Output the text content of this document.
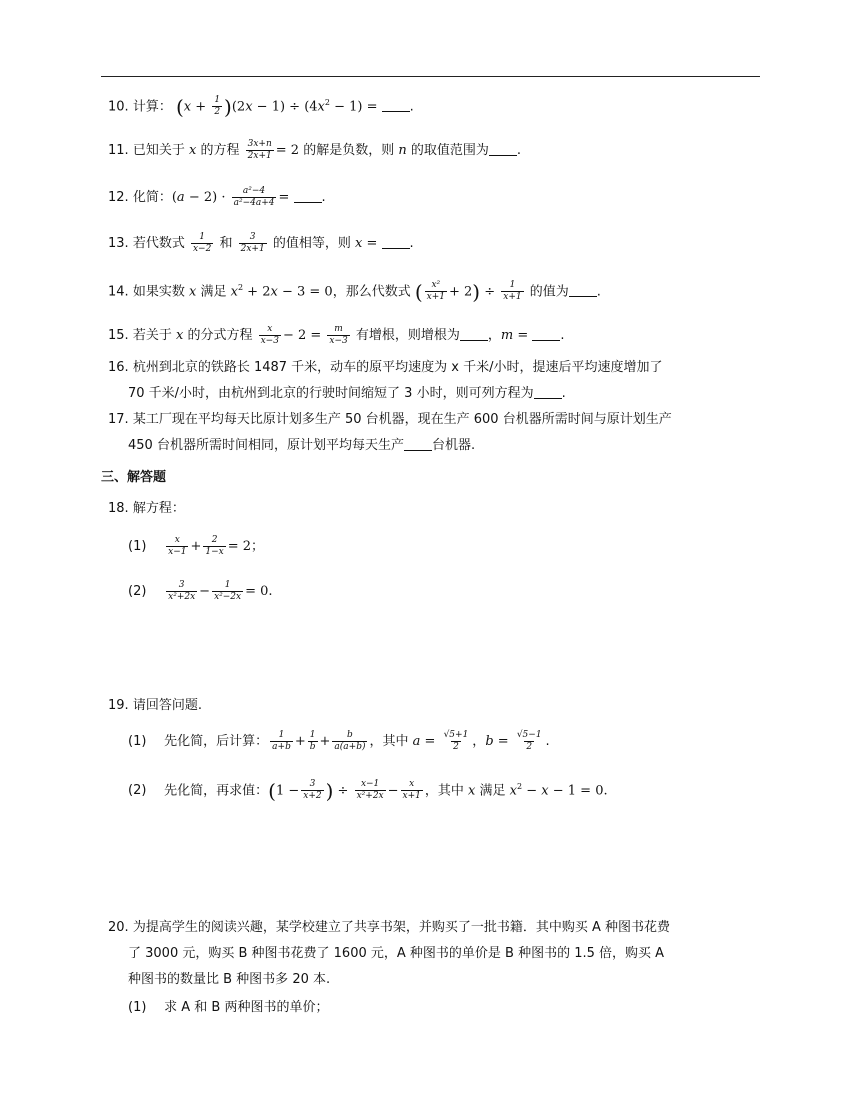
10. 计算： $(x + \frac{1}{2} )(2x - 1) \div (4x^2 - 1)$ = .
11. 已知关于 x 的方程 $\frac{3x+n}{2x+1} = 2$ 的解是负数，则 n 的取值范围为 .
12. 化简：$(a - 2) \cdot \frac{\text{a²−4}}{\text{a²−4a+4}}$ = .
13. 若代数式 $\frac{1}{x-2}$ 和 $\frac{3}{2x+1}$ 的值相等，则 x = .
14. 如果实数 x 满足 $x^2 + 2x - 3 = 0$，那么代数式 ( $\frac{\text{x²}}{x+1} + 2) \div \frac{1}{x+1}$ 的值为 .
15. 若关于 x 的分式方程 $\frac{x}{x-3} - 2 = \frac{m}{x-3}$ 有增根，则增根为 ，m = .
16. 杭州到北京的铁路长 1487 千米，动车的原平均速度为 x 千米/小时，提速后平均速度增加了
70 千米/小时，由杭州到北京的行驶时间缩短了 3 小时，则可列方程为 .
17. 某工厂现在平均每天比原计划多生产 50 台机器，现在生产 600 台机器所需时间与原计划生产
450 台机器所需时间相同，原计划平均每天生产 台机器.
三、解答题
18. 解方程：
$(1) \frac{x}{x-1} + \frac{2}{1-x} = 2$；
$(2) \frac{3}{\text{x²+2x}} - \frac{1}{\text{x²−2x}} = 0$.
19. 请回答问题.
(1) 先化简，后计算： $\frac{1}{a+b} + \frac{1}{b} + \frac{b}{a(a+b)}$ ，其中 $a = \frac{√5+1}{2}$ ，$b = \frac{√5-1}{2}$ .
(2) 先化简，再求值：($1 - \frac{3}{x+2}$ ) ÷ $\frac{x-1}{\text{x²+2x}} - \frac{x}{x+1}$ ，其中 x 满足 $x^2 - x - 1 = 0$.
20. 为提高学生的阅读兴趣，某学校建立了共享书架，并购买了一批书籍．其中购买 A 种图书花费
了 3000 元，购买 B 种图书花费了 1600 元，A 种图书的单价是 B 种图书的 1.5 倍，购买 A
种图书的数量比 B 种图书多 20 本.
(1) 求 A 和 B 两种图书的单价；
